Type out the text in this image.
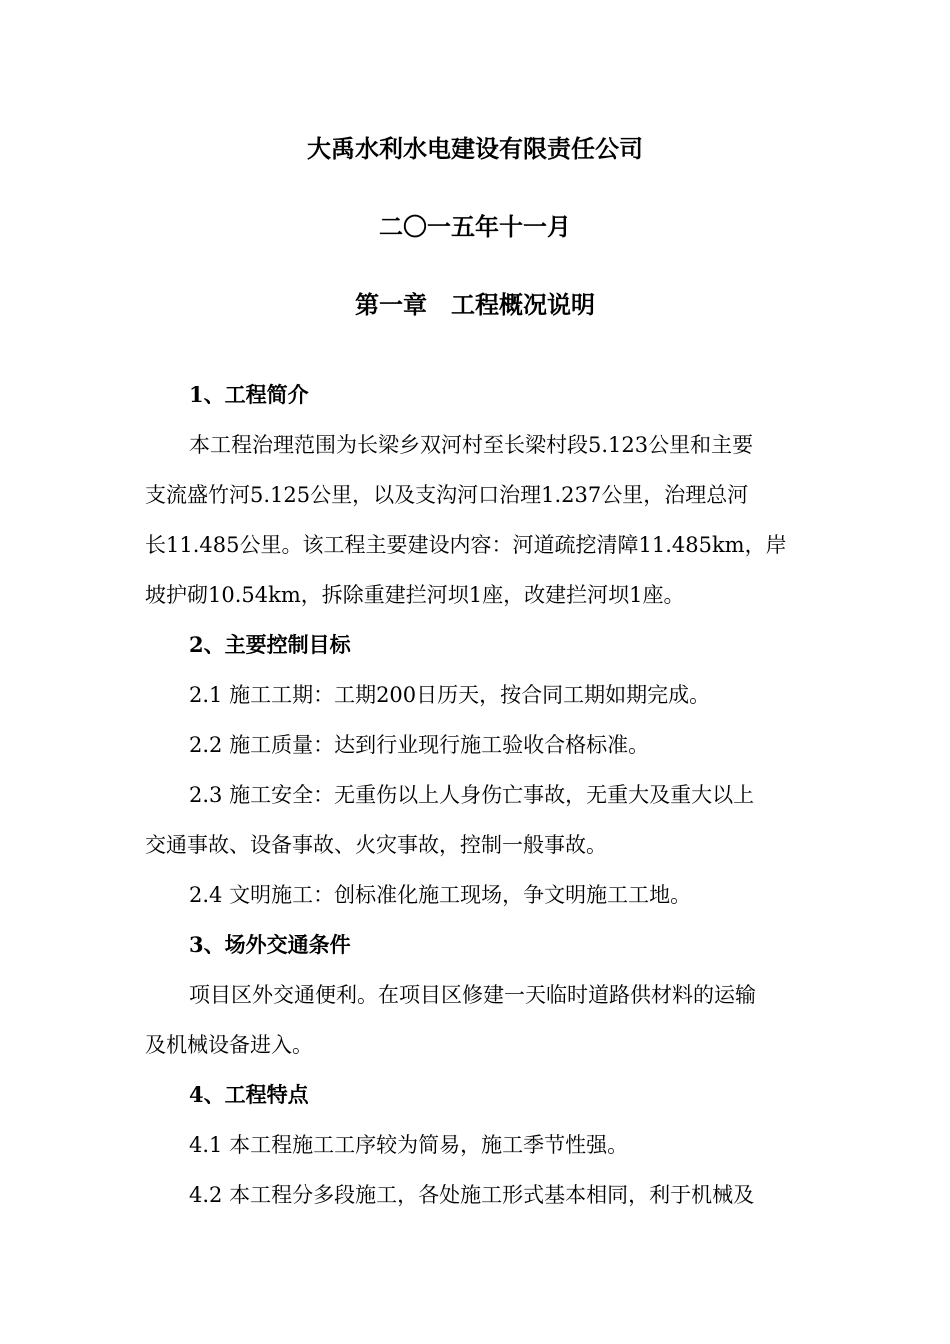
大禹水利水电建设有限责任公司
二〇一五年十一月
第一章　工程概况说明
1、工程简介
本工程治理范围为长梁乡双河村至长梁村段5.123公里和主要
支流盛竹河5.125公里，以及支沟河口治理1.237公里，治理总河
长11.485公里。该工程主要建设内容：河道疏挖清障11.485km，岸
坡护砌10.54km，拆除重建拦河坝1座，改建拦河坝1座。
2、主要控制目标
2.1 施工工期：工期200日历天，按合同工期如期完成。
2.2 施工质量：达到行业现行施工验收合格标准。
2.3 施工安全：无重伤以上人身伤亡事故，无重大及重大以上
交通事故、设备事故、火灾事故，控制一般事故。
2.4 文明施工：创标准化施工现场，争文明施工工地。
3、场外交通条件
项目区外交通便利。在项目区修建一天临时道路供材料的运输
及机械设备进入。
4、工程特点
4.1 本工程施工工序较为简易，施工季节性强。
4.2 本工程分多段施工，各处施工形式基本相同，利于机械及
